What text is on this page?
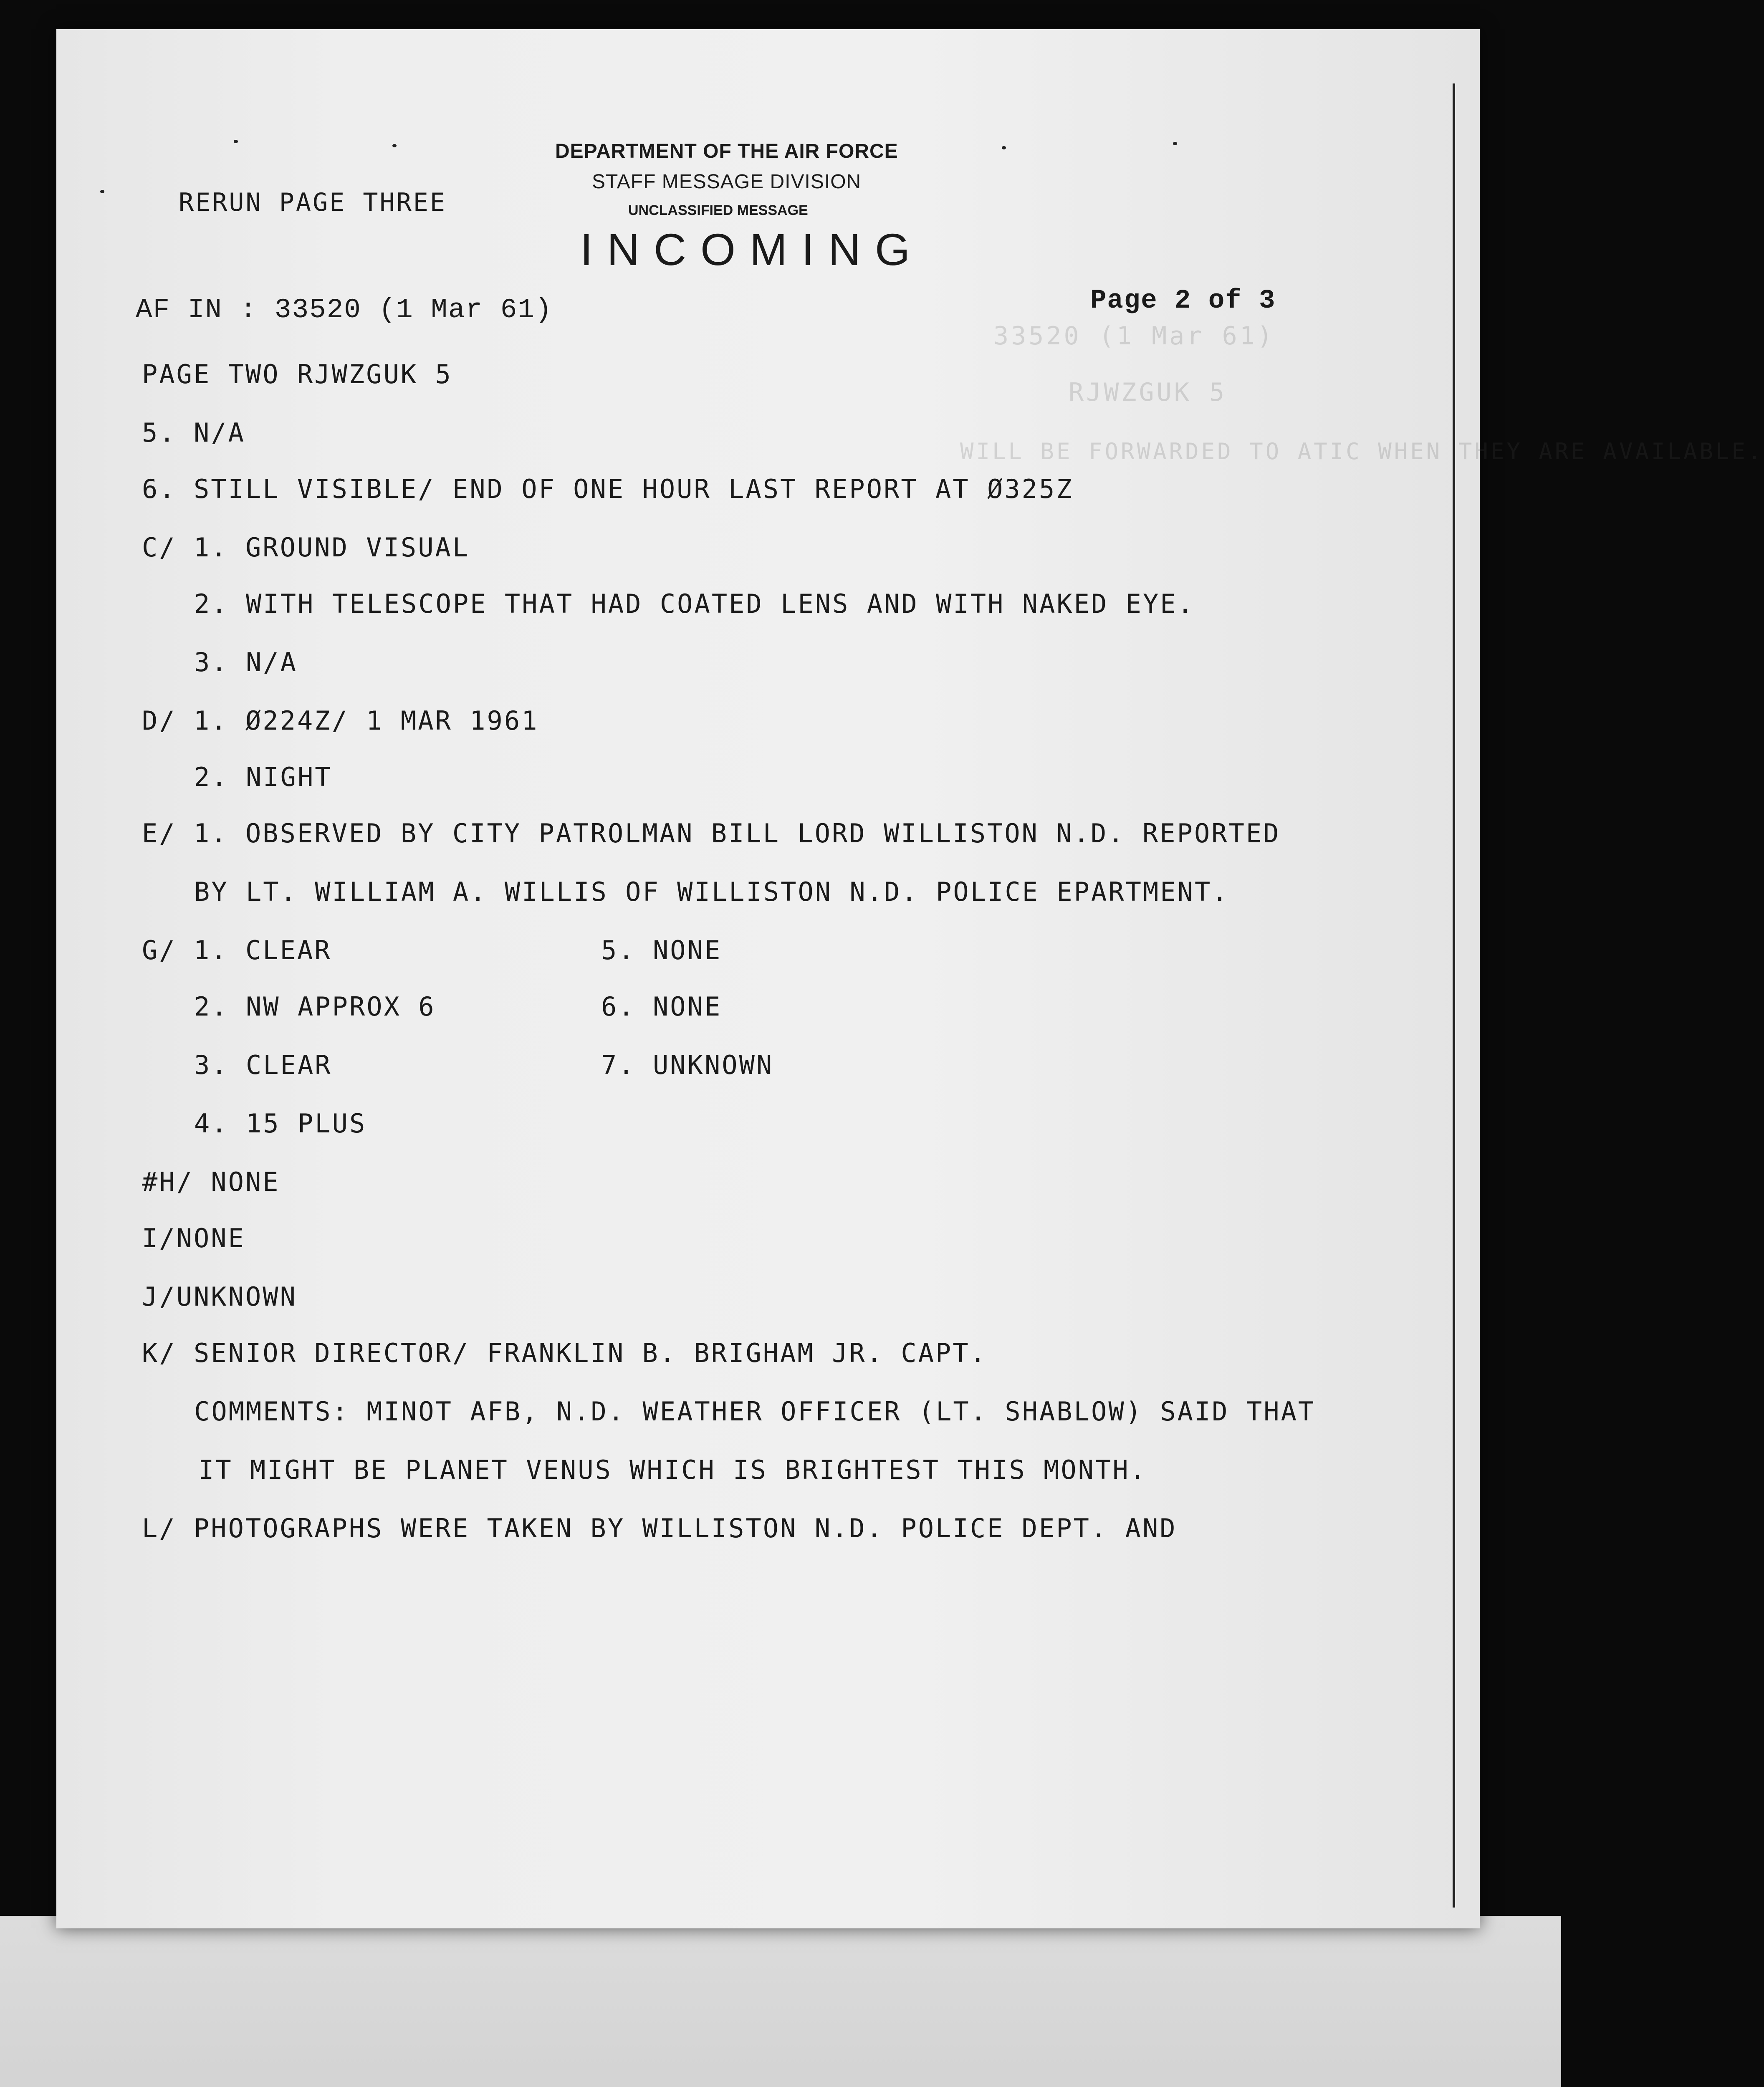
33520 (1 Mar 61)
RJWZGUK 5
WILL BE FORWARDED TO ATIC WHEN THEY ARE AVAILABLE.
RERUN PAGE THREE
DEPARTMENT OF THE AIR FORCE
STAFF MESSAGE DIVISION
UNCLASSIFIED MESSAGE
INCOMING
AF IN : 33520 (1 Mar 61)	Page 2 of 3
PAGE TWO RJWZGUK 5
5. N/A
6. STILL VISIBLE/ END OF ONE HOUR LAST REPORT AT Ø325Z
C/ 1. GROUND VISUAL
2. WITH TELESCOPE THAT HAD COATED LENS AND WITH NAKED EYE.
3. N/A
D/ 1. Ø224Z/ 1 MAR 1961
2. NIGHT
E/ 1. OBSERVED BY CITY PATROLMAN BILL LORD WILLISTON N.D. REPORTED
BY LT. WILLIAM A. WILLIS OF WILLISTON N.D. POLICE EPARTMENT.
G/ 1. CLEAR	5. NONE
2. NW APPROX 6	6. NONE
3. CLEAR	7. UNKNOWN
4. 15 PLUS
#H/ NONE
I/NONE
J/UNKNOWN
K/ SENIOR DIRECTOR/ FRANKLIN B. BRIGHAM JR. CAPT.
COMMENTS: MINOT AFB, N.D. WEATHER OFFICER (LT. SHABLOW) SAID THAT
IT MIGHT BE PLANET VENUS WHICH IS BRIGHTEST THIS MONTH.
L/ PHOTOGRAPHS WERE TAKEN BY WILLISTON N.D. POLICE DEPT. AND
